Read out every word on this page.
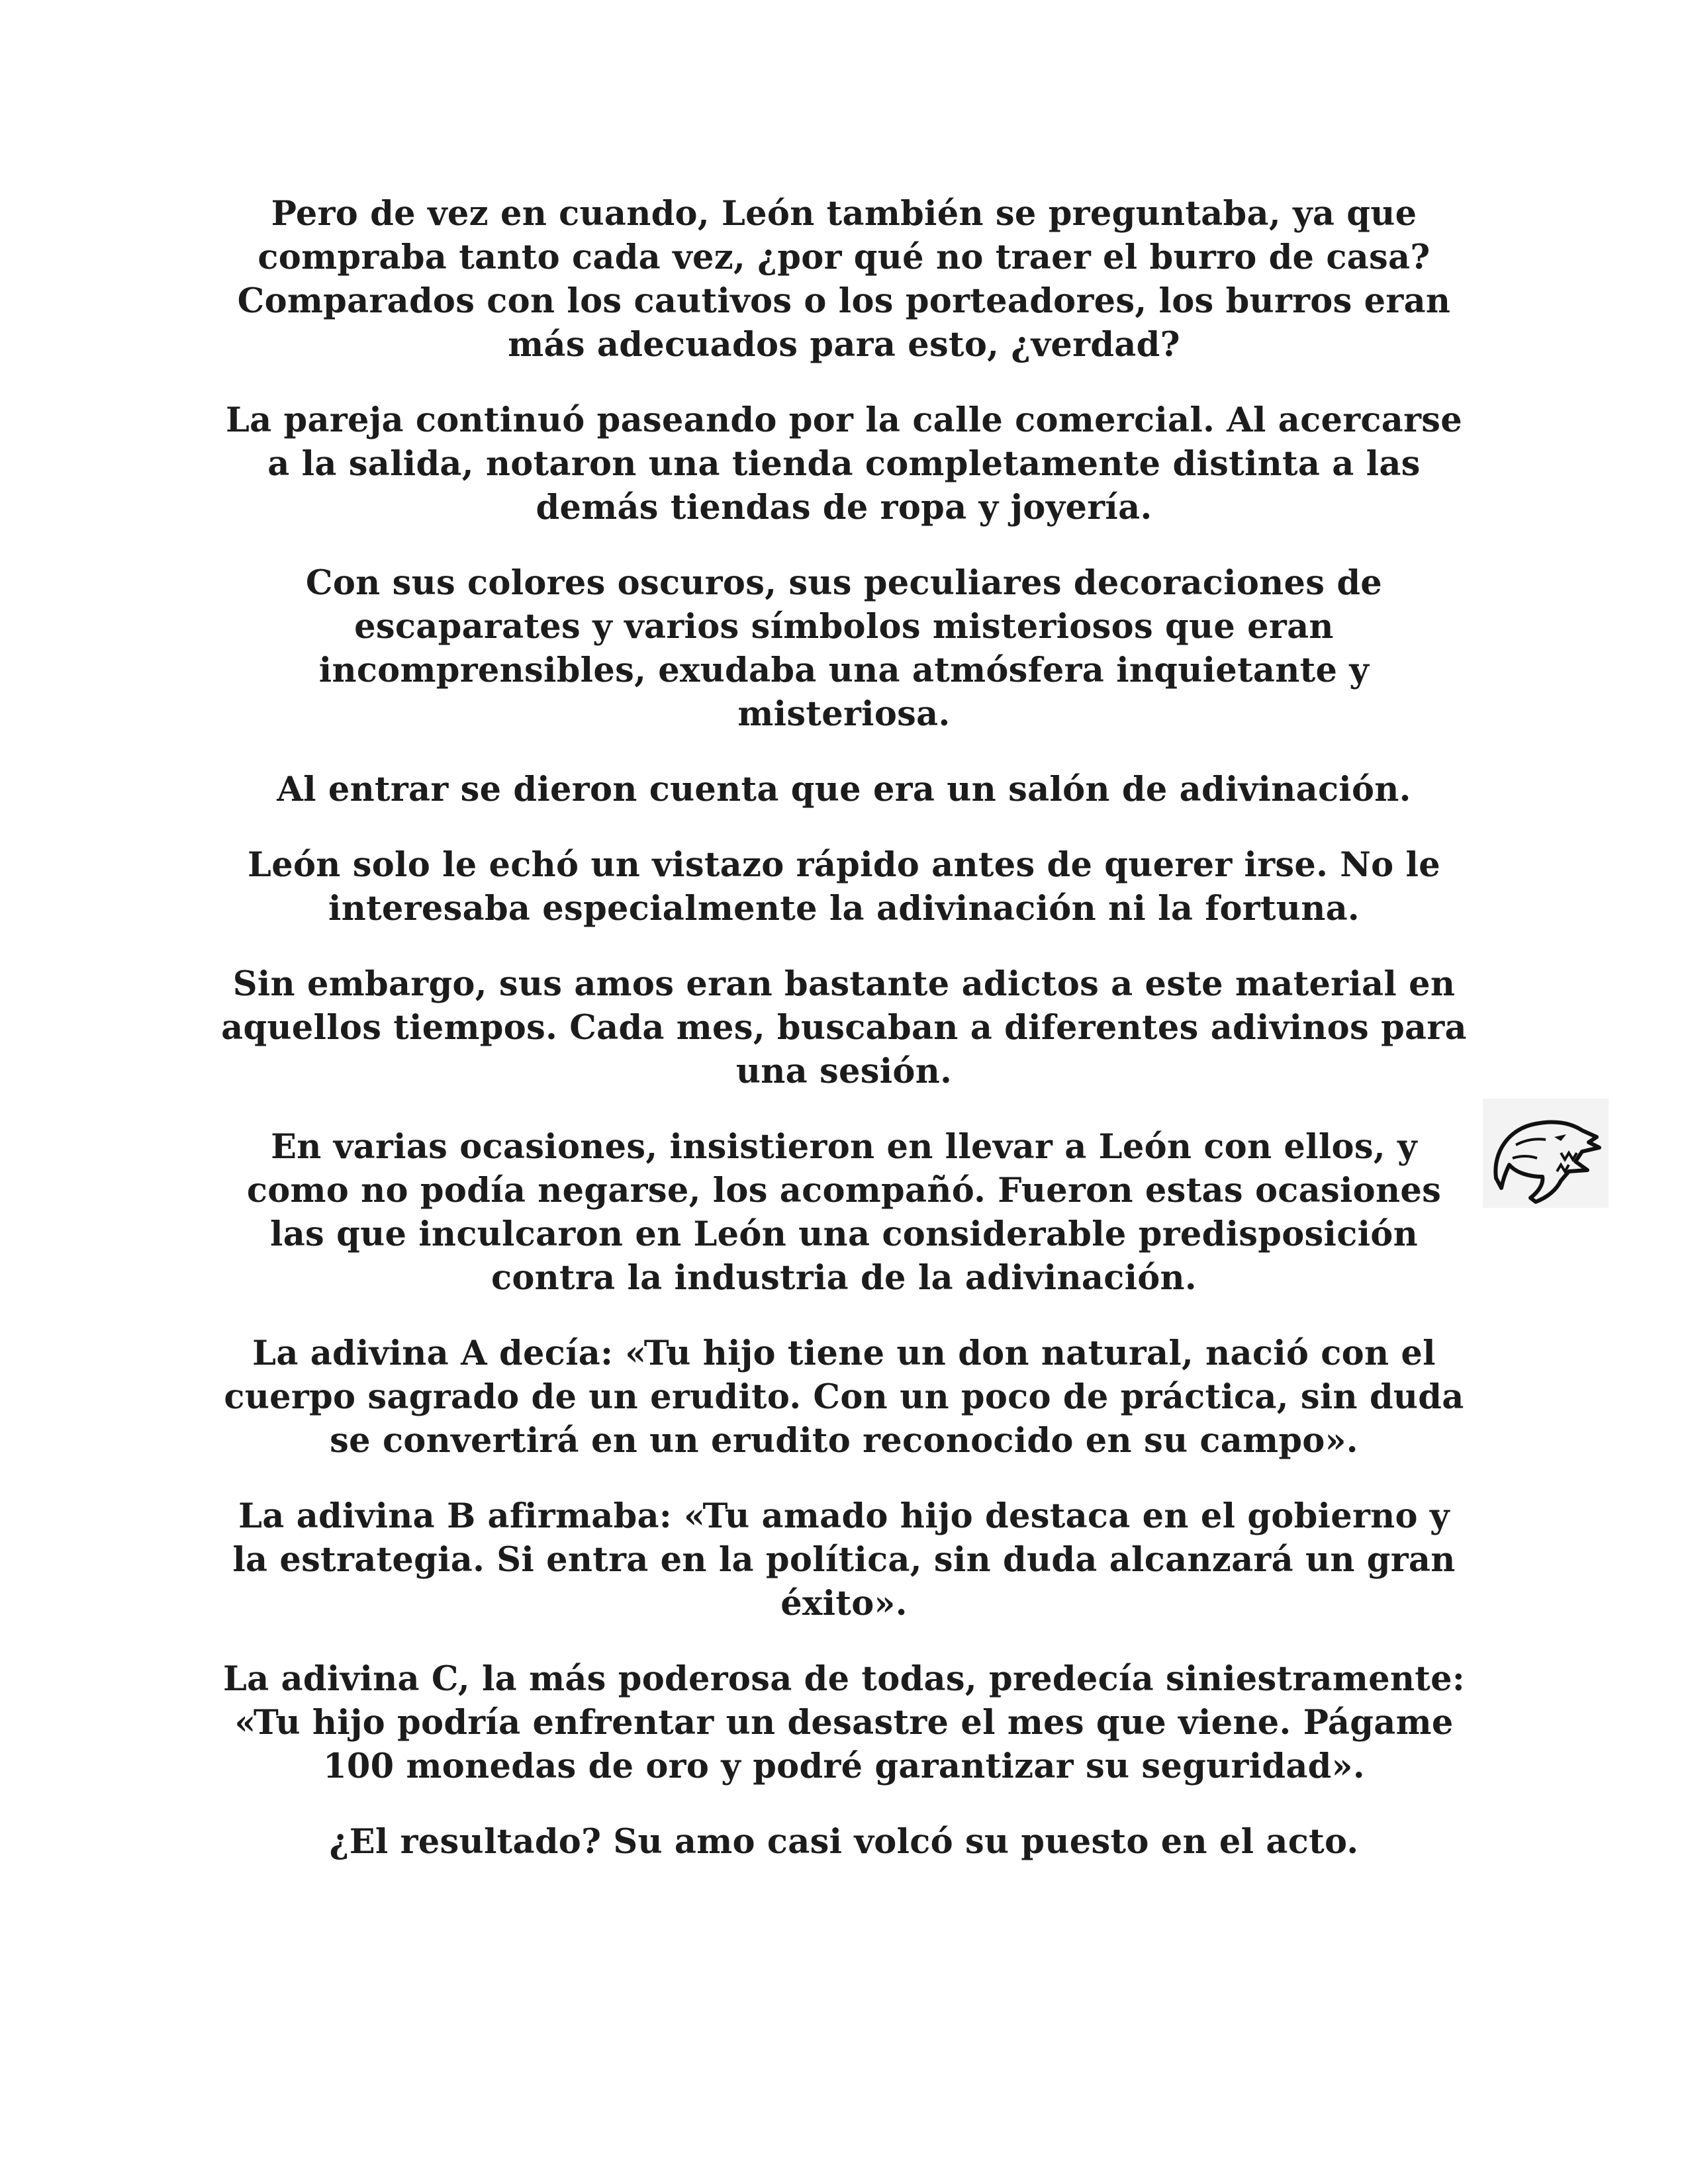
Pero de vez en cuando, León también se preguntaba, ya que compraba tanto cada vez, ¿por qué no traer el burro de casa? Comparados con los cautivos o los porteadores, los burros eran más adecuados para esto, ¿verdad?

La pareja continuó paseando por la calle comercial. Al acercarse a la salida, notaron una tienda completamente distinta a las demás tiendas de ropa y joyería.

Con sus colores oscuros, sus peculiares decoraciones de escaparates y varios símbolos misteriosos que eran incomprensibles, exudaba una atmósfera inquietante y misteriosa.

Al entrar se dieron cuenta que era un salón de adivinación.

León solo le echó un vistazo rápido antes de querer irse. No le interesaba especialmente la adivinación ni la fortuna.

Sin embargo, sus amos eran bastante adictos a este material en aquellos tiempos. Cada mes, buscaban a diferentes adivinos para una sesión.

En varias ocasiones, insistieron en llevar a León con ellos, y como no podía negarse, los acompañó. Fueron estas ocasiones las que inculcaron en León una considerable predisposición contra la industria de la adivinación.

La adivina A decía: «Tu hijo tiene un don natural, nació con el cuerpo sagrado de un erudito. Con un poco de práctica, sin duda se convertirá en un erudito reconocido en su campo».

La adivina B afirmaba: «Tu amado hijo destaca en el gobierno y la estrategia. Si entra en la política, sin duda alcanzará un gran éxito».

La adivina C, la más poderosa de todas, predecía siniestramente: «Tu hijo podría enfrentar un desastre el mes que viene. Págame 100 monedas de oro y podré garantizar su seguridad».

¿El resultado? Su amo casi volcó su puesto en el acto.
